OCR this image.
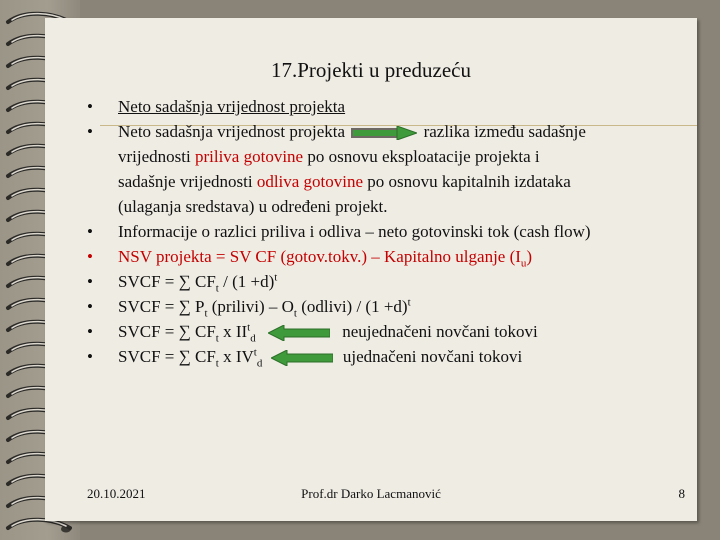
17.Projekti u preduzeću
•	Neto sadašnja vrijednost projekta
•	Neto sadašnja vrijednost projekta	razlika između sadašnje
vrijednosti priliva gotovine po osnovu eksploatacije projekta i
sadašnje vrijednosti odliva gotovine po osnovu kapitalnih izdataka
(ulaganja sredstava) u određeni projekt.
•	Informacije o razlici priliva i odliva – neto gotovinski tok (cash flow)
•	NSV projekta = SV CF (gotov.tokv.) – Kapitalno ulganje $(I_u)$
•	SVCF = ∑ $CF_t / (1 +d)^t$
•	SVCF = ∑ $P_t$ (prilivi) – $O_t$ (odlivi) / $(1 +d)^t$
•	SVCF = ∑ $CF_t$ x $II^t_d$	neujednačeni novčani tokovi
•	SVCF = ∑ $CF_t$ x $IV^t_d$	ujednačeni novčani tokovi
20.10.2021	Prof.dr Darko Lacmanović	8
